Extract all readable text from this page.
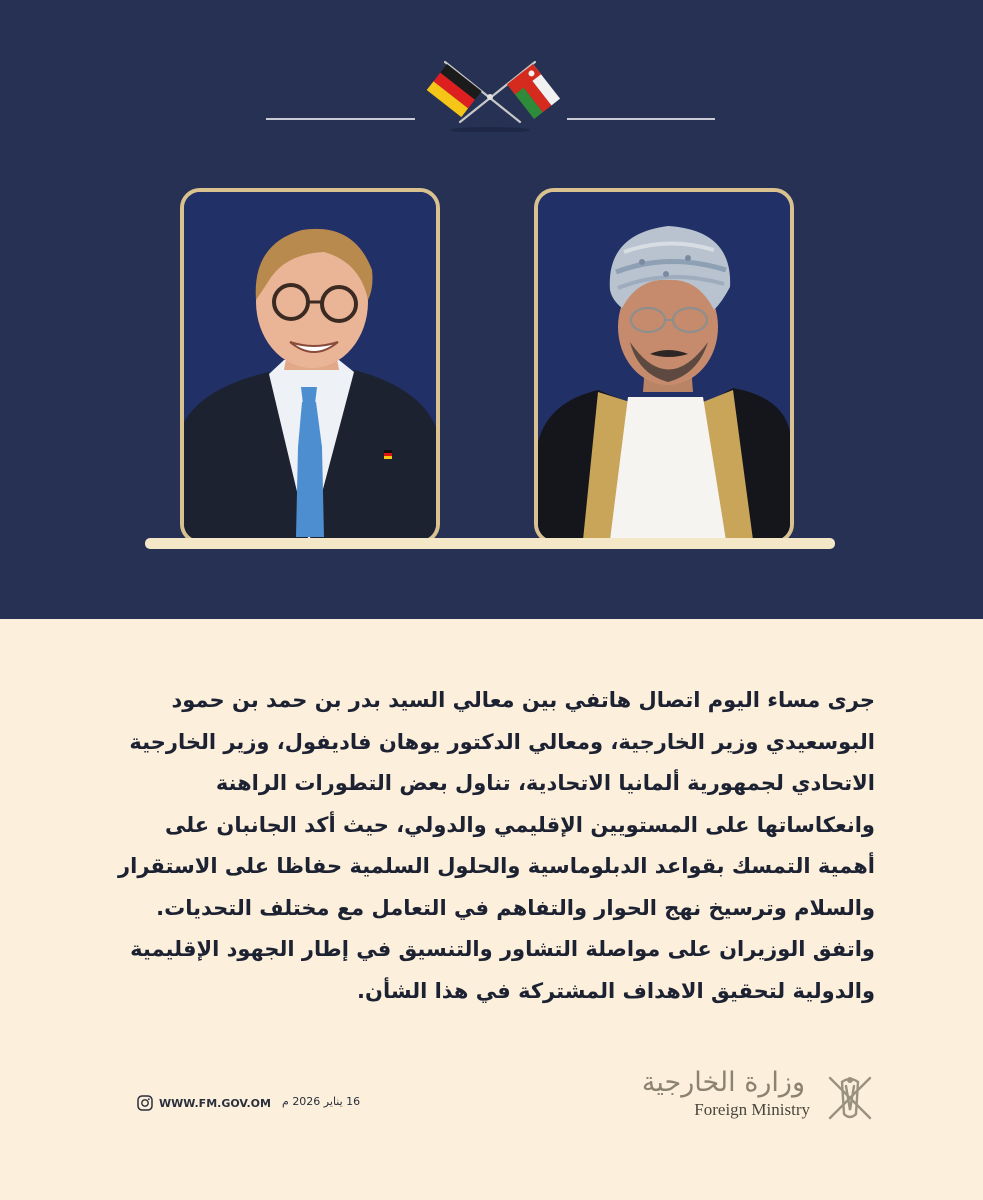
جرى مساء اليوم اتصال هاتفي بين معالي السيد بدر بن حمد بن حمود

البوسعيدي وزير الخارجية، ومعالي الدكتور يوهان فاديفول، وزير الخارجية

الاتحادي لجمهورية ألمانيا الاتحادية، تناول بعض التطورات الراهنة

وانعكاساتها على المستويين الإقليمي والدولي، حيث أكد الجانبان على

أهمية التمسك بقواعد الدبلوماسية والحلول السلمية حفاظا على الاستقرار

والسلام وترسيخ نهج الحوار والتفاهم في التعامل مع مختلف التحديات.

واتفق الوزيران على مواصلة التشاور والتنسيق في إطار الجهود الإقليمية

والدولية لتحقيق الاهداف المشتركة في هذا الشأن.

WWW.FM.GOV.OM 16 يناير 2026 م
وزارة الخارجية
Foreign Ministry
